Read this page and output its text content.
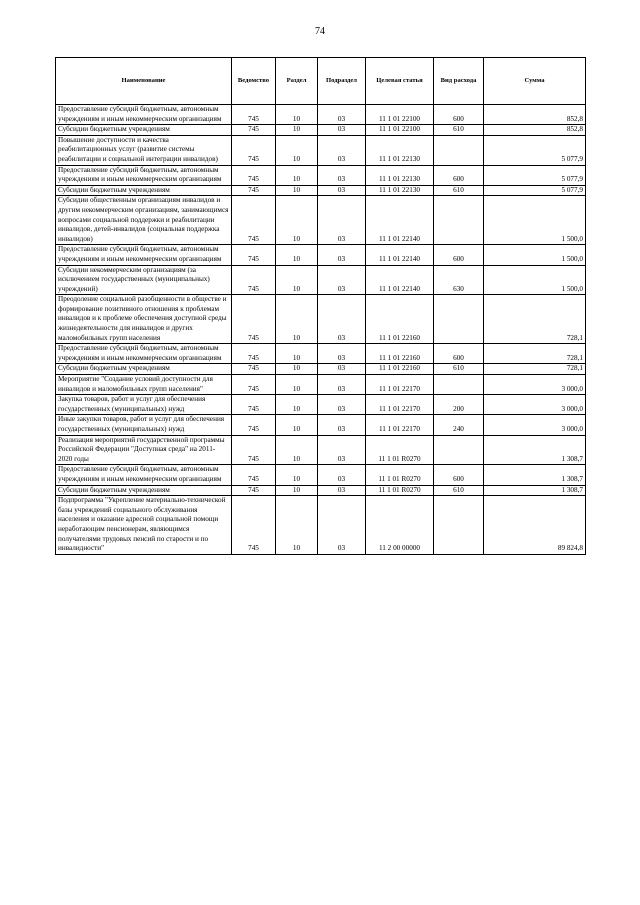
74
Наименование	Ведомство	Раздел	Подраздел	Целевая статья	Вид расхода	Сумма
Предоставление субсидий бюджетным, автономным учреждениям и иным некоммерческим организациям	745	10	03	11 1 01 22100	600	852,8
Субсидии бюджетным учреждениям	745	10	03	11 1 01 22100	610	852,8
Повышение доступности и качества реабилитационных услуг (развитие системы реабилитации и социальной интеграции инвалидов)	745	10	03	11 1 01 22130		5 077,9
Предоставление субсидий бюджетным, автономным учреждениям и иным некоммерческим организациям	745	10	03	11 1 01 22130	600	5 077,9
Субсидии бюджетным учреждениям	745	10	03	11 1 01 22130	610	5 077,9
Субсидии общественным организациям инвалидов и другим некоммерческим организациям, занимающимся вопросами социальной поддержки и реабилитации инвалидов, детей-инвалидов (социальная поддержка инвалидов)	745	10	03	11 1 01 22140		1 500,0
Предоставление субсидий бюджетным, автономным учреждениям и иным некоммерческим организациям	745	10	03	11 1 01 22140	600	1 500,0
Субсидии некоммерческим организациям (за исключением государственных (муниципальных) учреждений)	745	10	03	11 1 01 22140	630	1 500,0
Преодоление социальной разобщенности в обществе и формирование позитивного отношения к проблемам инвалидов и к проблеме обеспечения доступной среды жизнедеятельности для инвалидов и других маломобильных групп населения	745	10	03	11 1 01 22160		728,1
Предоставление субсидий бюджетным, автономным учреждениям и иным некоммерческим организациям	745	10	03	11 1 01 22160	600	728,1
Субсидии бюджетным учреждениям	745	10	03	11 1 01 22160	610	728,1
Мероприятие "Создание условий доступности для инвалидов и маломобильных групп населения"	745	10	03	11 1 01 22170		3 000,0
Закупка товаров, работ и услуг для обеспечения государственных (муниципальных) нужд	745	10	03	11 1 01 22170	200	3 000,0
Иные закупки товаров, работ и услуг для обеспечения государственных (муниципальных) нужд	745	10	03	11 1 01 22170	240	3 000,0
Реализация мероприятий государственной программы Российской Федерации "Доступная среда" на 2011-2020 годы	745	10	03	11 1 01 R0270		1 308,7
Предоставление субсидий бюджетным, автономным учреждениям и иным некоммерческим организациям	745	10	03	11 1 01 R0270	600	1 308,7
Субсидии бюджетным учреждениям	745	10	03	11 1 01 R0270	610	1 308,7
Подпрограмма "Укрепление материально-технической базы учреждений социального обслуживания населения и оказание адресной социальной помощи неработающим пенсионерам, являющимся получателями трудовых пенсий по старости и по инвалидности"	745	10	03	11 2 00 00000		89 824,8
